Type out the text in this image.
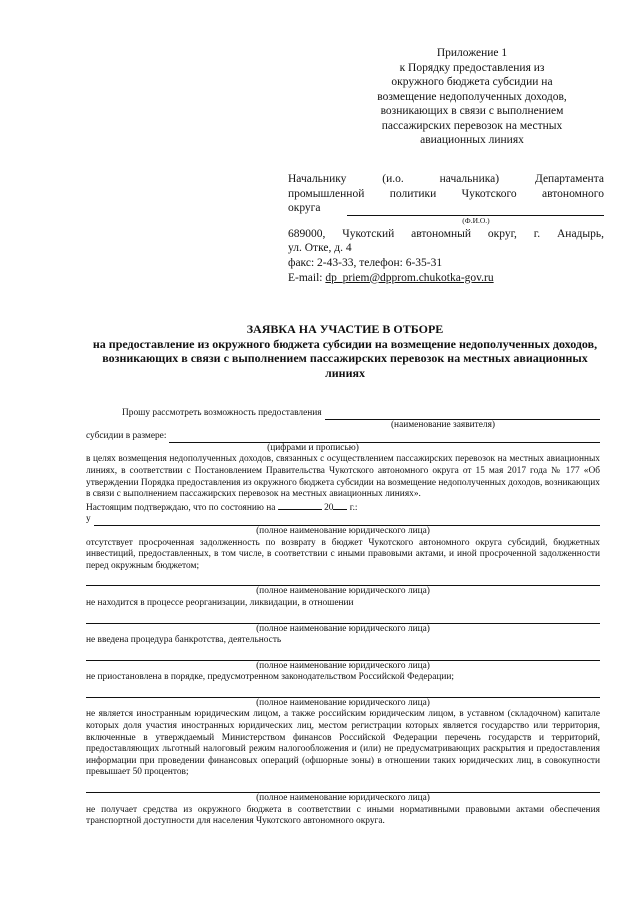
Приложение 1
к Порядку предоставления из
окружного бюджета субсидии на
возмещение недополученных доходов,
возникающих в связи с выполнением
пассажирских перевозок на местных
авиационных линиях
Начальнику	(и.о.	начальника)	Департамента
промышленной политики Чукотского автономного
округа
(Ф.И.О.)
689000, Чукотский автономный округ, г. Анадырь,
ул. Отке, д. 4
факс: 2-43-33, телефон: 6-35-31
E-mail: dp_priem@dpprom.chukotka-gov.ru
ЗАЯВКА НА УЧАСТИЕ В ОТБОРЕ
на предоставление из окружного бюджета субсидии на возмещение недополученных доходов, возникающих в связи с выполнением пассажирских перевозок на местных авиационных линиях
Прошу рассмотреть возможность предоставления
(наименование заявителя)
субсидии в размере:
(цифрами и прописью)
в целях возмещения недополученных доходов, связанных с осуществлением пассажирских перевозок на местных авиационных линиях, в соответствии с Постановлением Правительства Чукотского автономного округа от 15 мая 2017 года № 177 «Об утверждении Порядка предоставления из окружного бюджета субсидии на возмещение недополученных доходов, возникающих в связи с выполнением пассажирских перевозок на местных авиационных линиях».
Настоящим подтверждаю, что по состоянию на	20 г.:
у
(полное наименование юридического лица)
отсутствует просроченная задолженность по возврату в бюджет Чукотского автономного округа субсидий, бюджетных инвестиций, предоставленных, в том числе, в соответствии с иными правовыми актами, и иной просроченной задолженности перед окружным бюджетом;
(полное наименование юридического лица)
не находится в процессе реорганизации, ликвидации, в отношении
(полное наименование юридического лица)
не введена процедура банкротства, деятельность
(полное наименование юридического лица)
не приостановлена в порядке, предусмотренном законодательством Российской Федерации;
(полное наименование юридического лица)
не является иностранным юридическим лицом, а также российским юридическим лицом, в уставном (складочном) капитале которых доля участия иностранных юридических лиц, местом регистрации которых является государство или территория, включенные в утверждаемый Министерством финансов Российской Федерации перечень государств и территорий, предоставляющих льготный налоговый режим налогообложения и (или) не предусматривающих раскрытия и предоставления информации при проведении финансовых операций (офшорные зоны) в отношении таких юридических лиц, в совокупности превышает 50 процентов;
(полное наименование юридического лица)
не получает средства из окружного бюджета в соответствии с иными нормативными правовыми актами обеспечения транспортной доступности для населения Чукотского автономного округа.
